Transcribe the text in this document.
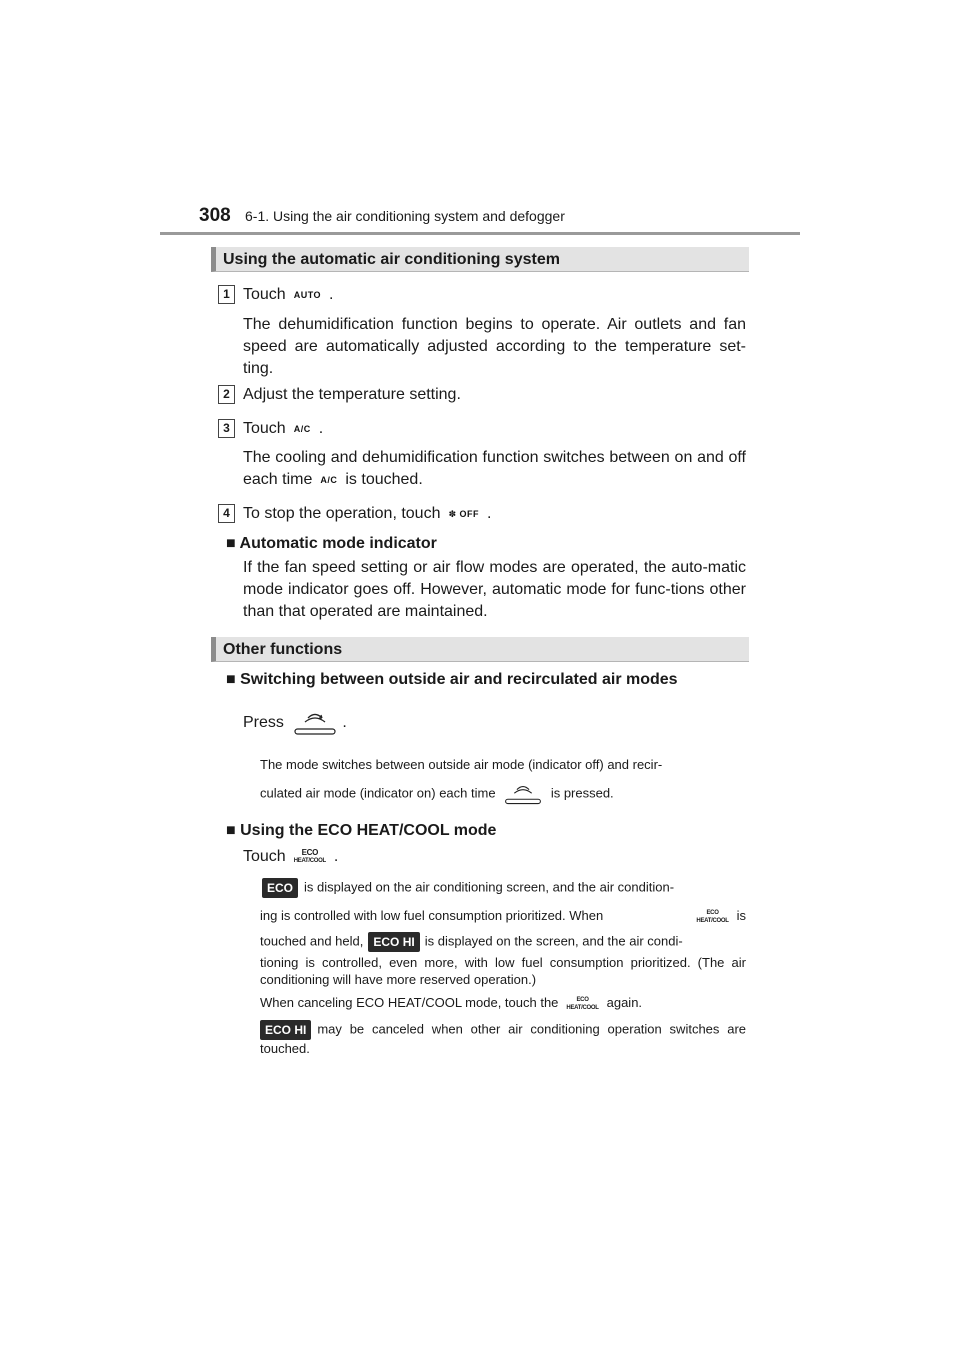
308 6-1. Using the air conditioning system and defogger
Using the automatic air conditioning system
1 Touch AUTO .
The dehumidification function begins to operate. Air outlets and fan speed are automatically adjusted according to the temperature set-ting.
2 Adjust the temperature setting.
3 Touch A/C .
The cooling and dehumidification function switches between on and off each time A/C is touched.
4 To stop the operation, touch ✽ OFF .
■ Automatic mode indicator
If the fan speed setting or air flow modes are operated, the auto-matic mode indicator goes off. However, automatic mode for func-tions other than that operated are maintained.
Other functions
■ Switching between outside air and recirculated air modes
Press	.
The mode switches between outside air mode (indicator off) and recir-
culated air mode (indicator on) each time	is pressed.
■ Using the ECO HEAT/COOL mode
Touch	ECO
HEAT/COOL .
ECO is displayed on the air conditioning screen, and the air condition-
ing is controlled with low fuel consumption prioritized. When	ECO
HEAT/COOL is
touched and held, ECO HI is displayed on the screen, and the air condi-
tioning is controlled, even more, with low fuel consumption prioritized. (The air conditioning will have more reserved operation.)
When canceling ECO HEAT/COOL mode, touch the	ECO
HEAT/COOL again.
ECO HI may be canceled when other air conditioning operation switches are touched.
